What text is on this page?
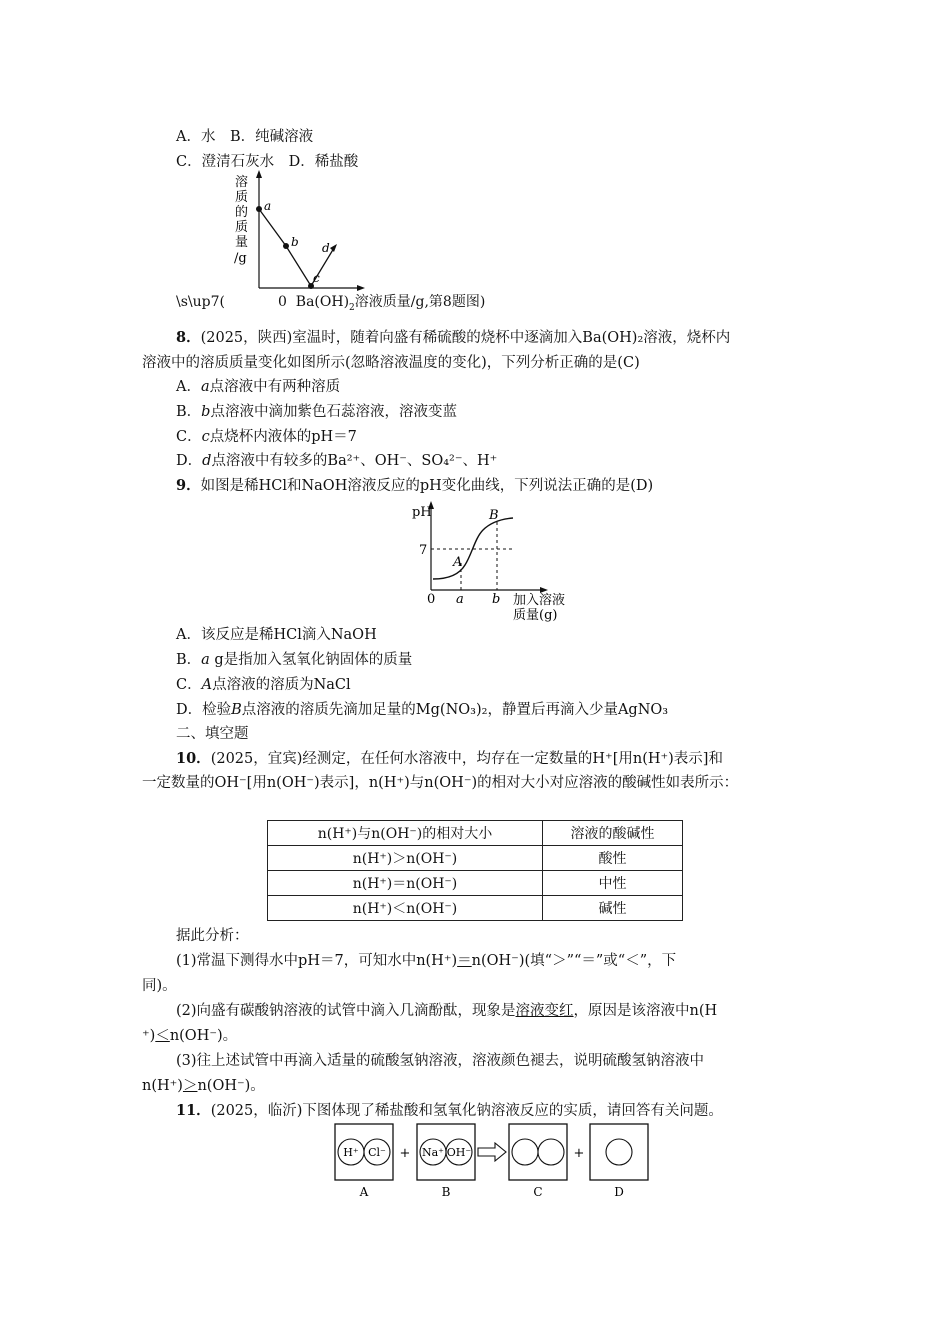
A．水　B．纯碱溶液
C．澄清石灰水　D．稀盐酸
溶
质
的
质
量
/g
a
b
c
d
\s\up7(	0 $Ba(OH)_2$溶液质量/g,第8题图)
8．(2025，陕西)室温时，随着向盛有稀硫酸的烧杯中逐滴加入Ba(OH)₂溶液，烧杯内
溶液中的溶质质量变化如图所示(忽略溶液温度的变化)，下列分析正确的是(C)
A．a点溶液中有两种溶质
B．b点溶液中滴加紫色石蕊溶液，溶液变蓝
C．c点烧杯内液体的pH＝7
D．d点溶液中有较多的Ba²⁺、OH⁻、SO₄²⁻、H⁺
9．如图是稀HCl和NaOH溶液反应的pH变化曲线，下列说法正确的是(D)
pH
7
0 a b
A
B
加入溶液
质量(g)
A．该反应是稀HCl滴入NaOH
B．a g是指加入氢氧化钠固体的质量
C．A点溶液的溶质为NaCl
D．检验B点溶液的溶质先滴加足量的Mg(NO₃)₂，静置后再滴入少量AgNO₃
二、填空题
10．(2025，宜宾)经测定，在任何水溶液中，均存在一定数量的H⁺[用n(H⁺)表示]和
一定数量的OH⁻[用n(OH⁻)表示]，n(H⁺)与n(OH⁻)的相对大小对应溶液的酸碱性如表所示：
n(H⁺)与n(OH⁻)的相对大小	溶液的酸碱性
n(H⁺)＞n(OH⁻)	酸性
n(H⁺)＝n(OH⁻)	中性
n(H⁺)＜n(OH⁻)	碱性
据此分析：
(1)常温下测得水中pH＝7，可知水中n(H⁺)＝n(OH⁻)(填“＞”“＝”或“＜”，下
同)。
(2)向盛有碳酸钠溶液的试管中滴入几滴酚酞，现象是溶液变红，原因是该溶液中n(H
⁺)＜n(OH⁻)。
(3)往上述试管中再滴入适量的硫酸氢钠溶液，溶液颜色褪去，说明硫酸氢钠溶液中
n(H⁺)＞n(OH⁻)。
11．(2025，临沂)下图体现了稀盐酸和氢氧化钠溶液反应的实质，请回答有关问题。
H⁺ Cl⁻ + Na⁺ OH⁻	+
A	B	C	D
